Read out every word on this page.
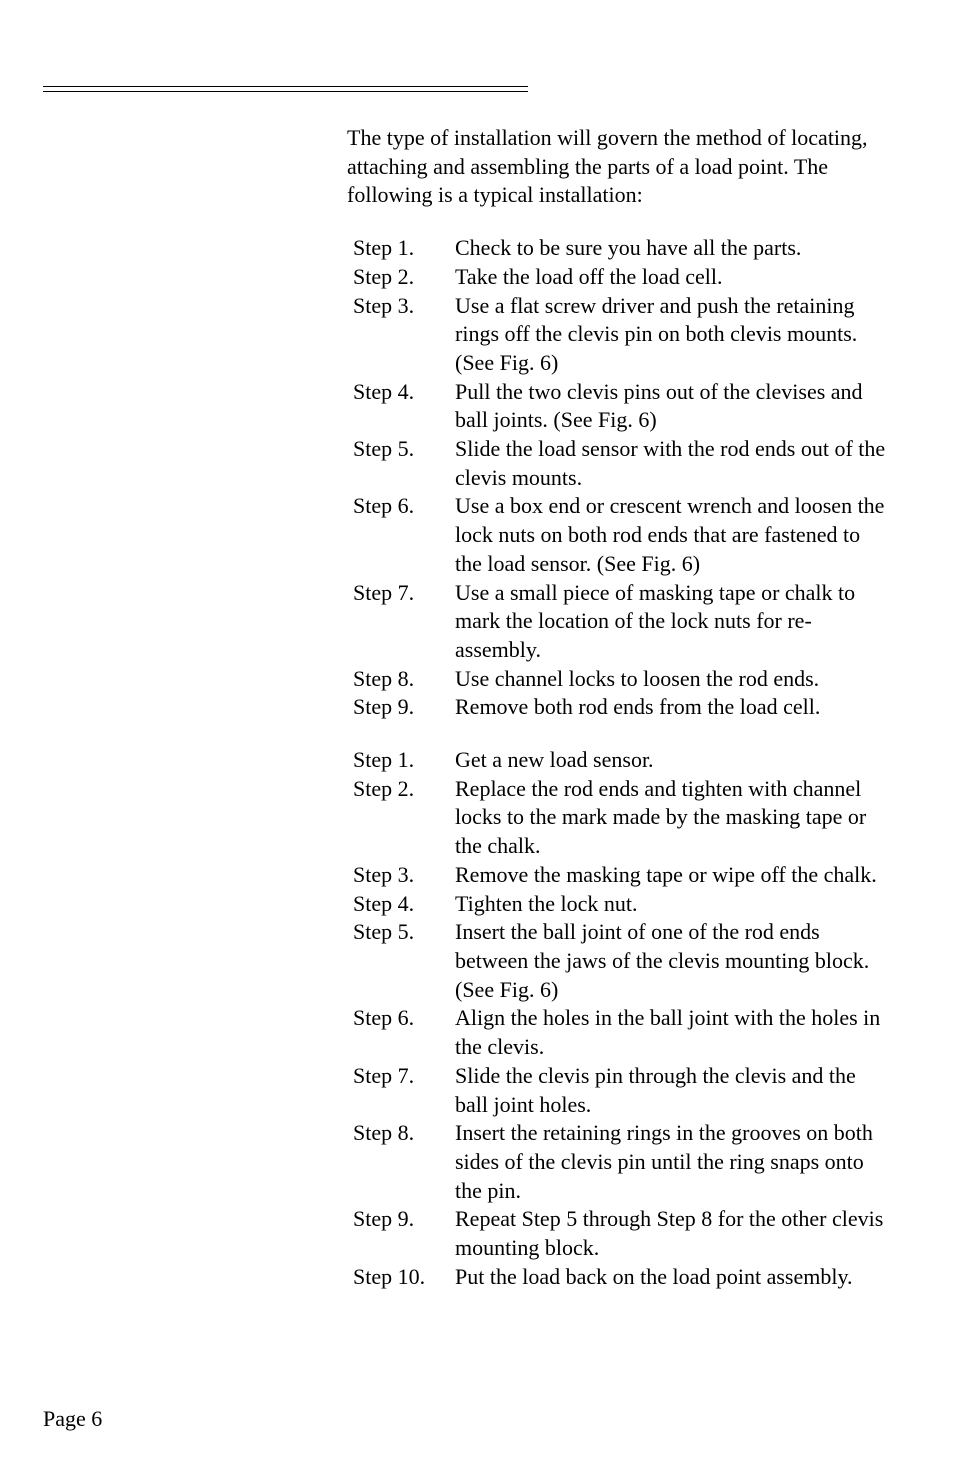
The type of installation will govern the method of locating, attaching and assembling the parts of a load point. The following is a typical installation:

Step 1.	Check to be sure you have all the parts.
Step 2.	Take the load off the load cell.
Step 3.	Use a flat screw driver and push the retaining rings off the clevis pin on both clevis mounts. (See Fig. 6)
Step 4.	Pull the two clevis pins out of the clevises and ball joints. (See Fig. 6)
Step 5.	Slide the load sensor with the rod ends out of the clevis mounts.
Step 6.	Use a box end or crescent wrench and loosen the lock nuts on both rod ends that are fastened to the load sensor. (See Fig. 6)
Step 7.	Use a small piece of masking tape or chalk to mark the location of the lock nuts for re-assembly.
Step 8.	Use channel locks to loosen the rod ends.
Step 9.	Remove both rod ends from the load cell.
Step 1.	Get a new load sensor.
Step 2.	Replace the rod ends and tighten with channel locks to the mark made by the masking tape or the chalk.
Step 3.	Remove the masking tape or wipe off the chalk.
Step 4.	Tighten the lock nut.
Step 5.	Insert the ball joint of one of the rod ends between the jaws of the clevis mounting block. (See Fig. 6)
Step 6.	Align the holes in the ball joint with the holes in the clevis.
Step 7.	Slide the clevis pin through the clevis and the ball joint holes.
Step 8.	Insert the retaining rings in the grooves on both sides of the clevis pin until the ring snaps onto the pin.
Step 9.	Repeat Step 5 through Step 8 for the other clevis mounting block.
Step 10.	Put the load back on the load point assembly.
Page 6
